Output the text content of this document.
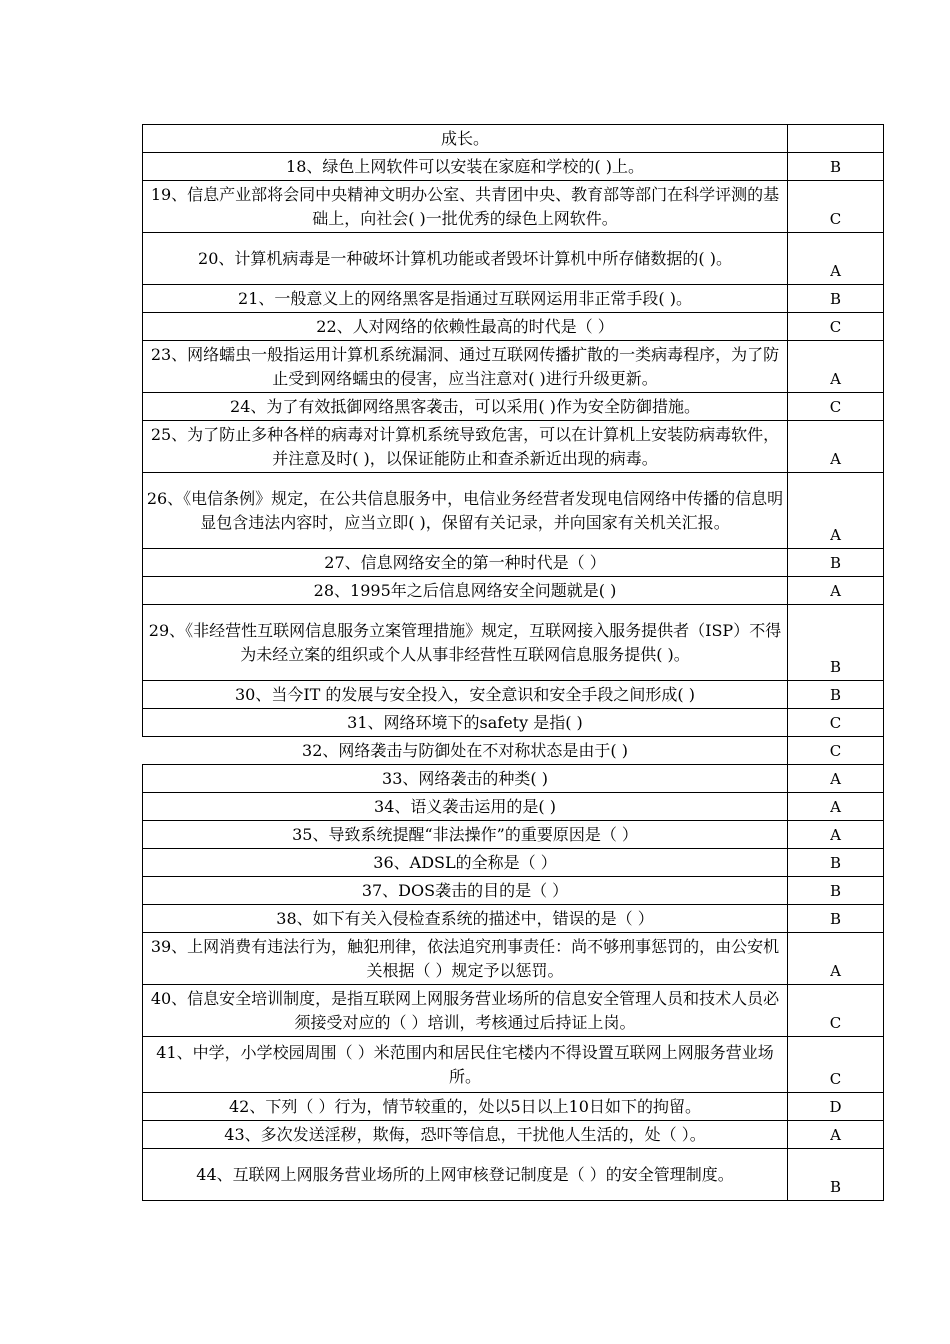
成长。	
18、绿色上网软件可以安装在家庭和学校的( )上。	B
19、信息产业部将会同中央精神文明办公室、共青团中央、教育部等部门在科学评测的基础上，向社会( )一批优秀的绿色上网软件。	C
20、计算机病毒是一种破坏计算机功能或者毁坏计算机中所存储数据的( )。	A
21、一般意义上的网络黑客是指通过互联网运用非正常手段( )。	B
22、人对网络的依赖性最高的时代是（ ）	C
23、网络蠕虫一般指运用计算机系统漏洞、通过互联网传播扩散的一类病毒程序，为了防止受到网络蠕虫的侵害，应当注意对( )进行升级更新。	A
24、为了有效抵御网络黑客袭击，可以采用( )作为安全防御措施。	C
25、为了防止多种各样的病毒对计算机系统导致危害，可以在计算机上安装防病毒软件，并注意及时( )，以保证能防止和查杀新近出现的病毒。	A
26、《电信条例》规定，在公共信息服务中，电信业务经营者发现电信网络中传播的信息明显包含违法内容时，应当立即( )，保留有关记录，并向国家有关机关汇报。	A
27、信息网络安全的第一种时代是（ ）	B
28、1995年之后信息网络安全问题就是( )	A
29、《非经营性互联网信息服务立案管理措施》规定，互联网接入服务提供者（ISP）不得为未经立案的组织或个人从事非经营性互联网信息服务提供( )。	B
30、当今IT 的发展与安全投入，安全意识和安全手段之间形成( )	B
31、网络环境下的safety 是指( )	C
32、网络袭击与防御处在不对称状态是由于( )	C
33、网络袭击的种类( )	A
34、语义袭击运用的是( )	A
35、导致系统提醒“非法操作”的重要原因是（ ）	A
36、ADSL的全称是（ ）	B
37、DOS袭击的目的是（ ）	B
38、如下有关入侵检查系统的描述中，错误的是（ ）	B
39、上网消费有违法行为，触犯刑律，依法追究刑事责任：尚不够刑事惩罚的，由公安机关根据（ ）规定予以惩罚。	A
40、信息安全培训制度，是指互联网上网服务营业场所的信息安全管理人员和技术人员必须接受对应的（ ）培训，考核通过后持证上岗。	C
41、中学，小学校园周围（ ）米范围内和居民住宅楼内不得设置互联网上网服务营业场所。	C
42、下列（ ）行为，情节较重的，处以5日以上10日如下的拘留。	D
43、多次发送淫秽，欺侮，恐吓等信息，干扰他人生活的，处（ ）。	A
44、互联网上网服务营业场所的上网审核登记制度是（ ）的安全管理制度。	B
